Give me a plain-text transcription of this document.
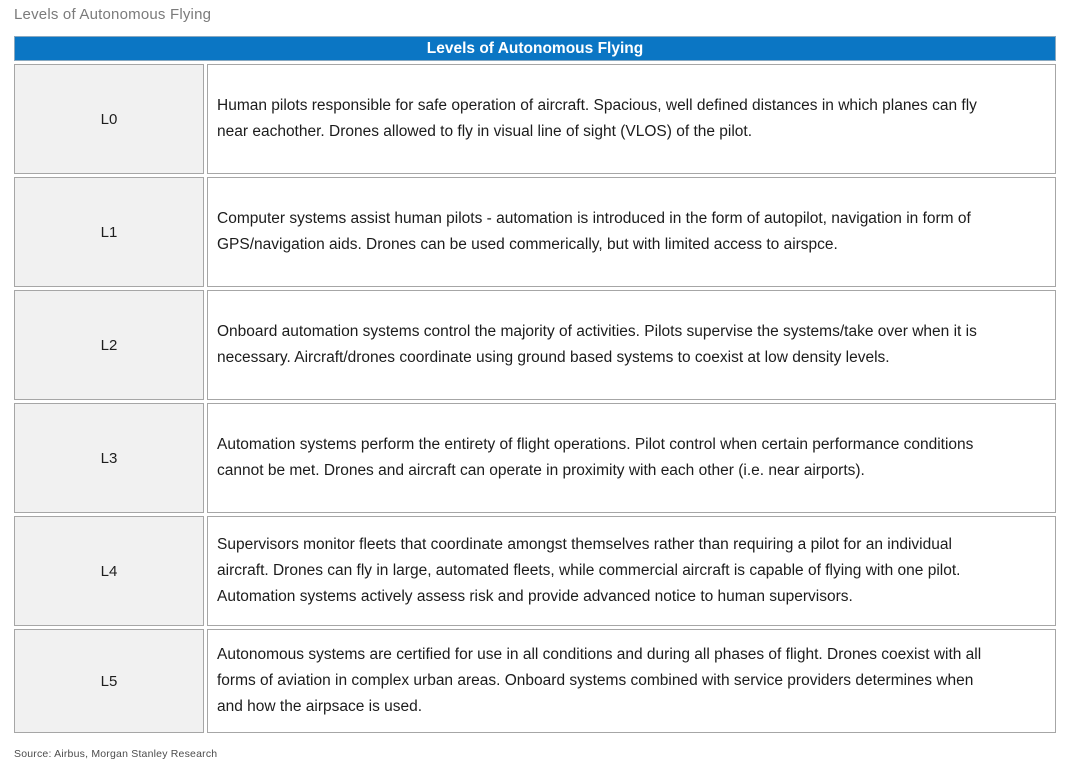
Levels of Autonomous Flying
Levels of Autonomous Flying
L0
Human pilots responsible for safe operation of aircraft. Spacious, well defined distances in which planes can fly near eachother. Drones allowed to fly in visual line of sight (VLOS) of the pilot.
L1
Computer systems assist human pilots - automation is introduced in the form of autopilot, navigation in form of GPS/navigation aids. Drones can be used commerically, but with limited access to airspce.
L2
Onboard automation systems control the majority of activities. Pilots supervise the systems/take over when it is necessary. Aircraft/drones coordinate using ground based systems to coexist at low density levels.
L3
Automation systems perform the entirety of flight operations. Pilot control when certain performance conditions cannot be met. Drones and aircraft can operate in proximity with each other (i.e. near airports).
L4
Supervisors monitor fleets that coordinate amongst themselves rather than requiring a pilot for an individual aircraft. Drones can fly in large, automated fleets, while commercial aircraft is capable of flying with one pilot. Automation systems actively assess risk and provide advanced notice to human supervisors.
L5
Autonomous systems are certified for use in all conditions and during all phases of flight. Drones coexist with all forms of aviation in complex urban areas. Onboard systems combined with service providers determines when and how the airpsace is used.
Source: Airbus, Morgan Stanley Research
